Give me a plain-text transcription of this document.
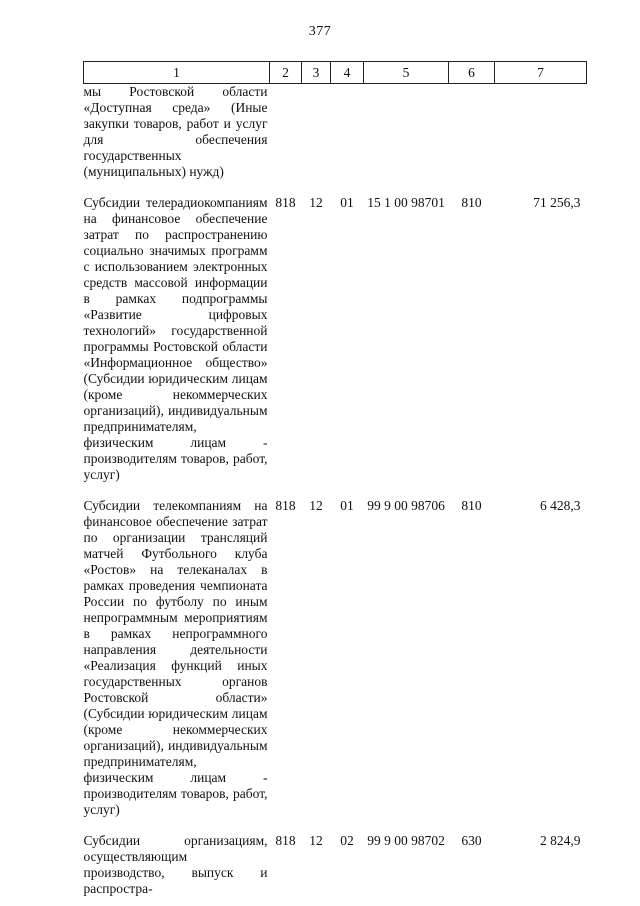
377
1	2	3	4	5	6	7
мы Ростовской области «Доступная среда» (Иные закупки товаров, работ и услуг для обеспечения государственных (муниципальных) нужд)						
Субсидии телерадиокомпаниям на финансовое обеспечение затрат по распространению социально значимых программ с использованием электронных средств массовой информации в рамках подпрограммы «Развитие цифровых технологий» государственной программы Ростовской области «Информационное общество» (Субсидии юридическим лицам (кроме некоммерческих организаций), индивидуальным предпринимателям, физическим лицам - производителям товаров, работ, услуг)	818	12	01	15 1 00 98701	810	71 256,3
Субсидии телекомпаниям на финансовое обеспечение затрат по организации трансляций матчей Футбольного клуба «Ростов» на телеканалах в рамках проведения чемпионата России по футболу по иным непрограммным мероприятиям в рамках непрограммного направления деятельности «Реализация функций иных государственных органов Ростовской области» (Субсидии юридическим лицам (кроме некоммерческих организаций), индивидуальным предпринимателям, физическим лицам - производителям товаров, работ, услуг)	818	12	01	99 9 00 98706	810	6 428,3
Субсидии организациям, осуществляющим производство, выпуск и распростра-	818	12	02	99 9 00 98702	630	2 824,9
